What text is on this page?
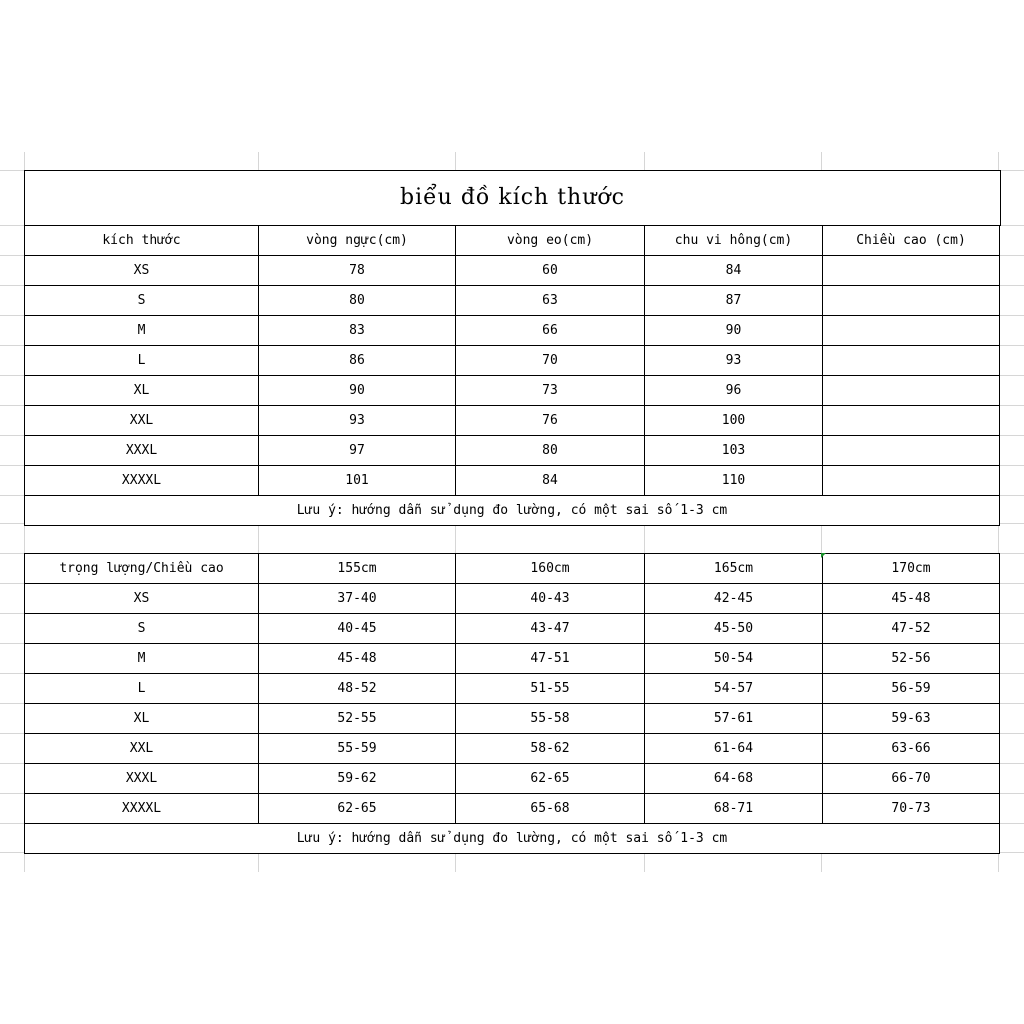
biểu đồ kích thước
kích thước	vòng ngực(cm)	vòng eo(cm)	chu vi hông(cm)	Chiều cao (cm)
XS	78	60	84	
S	80	63	87	
M	83	66	90	
L	86	70	93	
XL	90	73	96	
XXL	93	76	100	
XXXL	97	80	103	
XXXXL	101	84	110	
Lưu ý: hướng dẫn sử dụng đo lường, có một sai số 1-3 cm				
trọng lượng/Chiều cao	155cm	160cm	165cm	170cm
XS	37-40	40-43	42-45	45-48
S	40-45	43-47	45-50	47-52
M	45-48	47-51	50-54	52-56
L	48-52	51-55	54-57	56-59
XL	52-55	55-58	57-61	59-63
XXL	55-59	58-62	61-64	63-66
XXXL	59-62	62-65	64-68	66-70
XXXXL	62-65	65-68	68-71	70-73
Lưu ý: hướng dẫn sử dụng đo lường, có một sai số 1-3 cm				
